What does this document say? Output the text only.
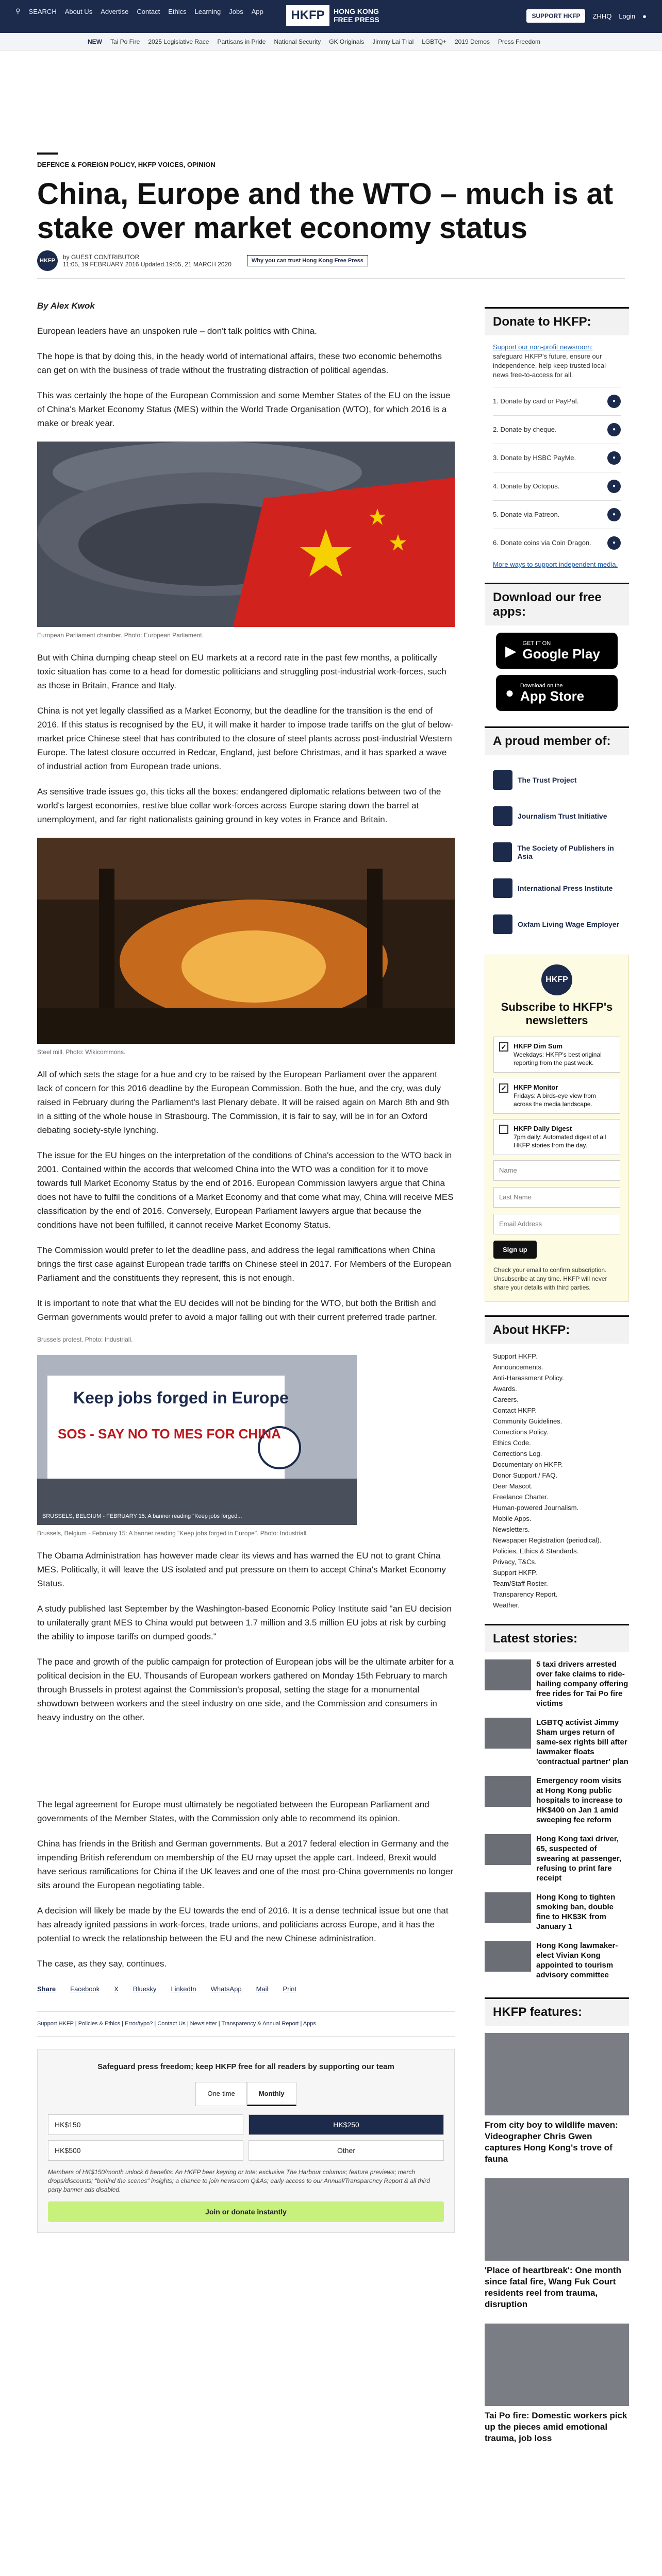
⚲ SEARCH About Us Advertise Contact Ethics Learning Jobs App	HKFP	HONG KONG FREE PRESS	SUPPORT HKFP	ZHHQ Login ●
NEW Tai Po Fire 2025 Legislative Race Partisans in Pride National Security GK Originals Jimmy Lai Trial LGBTQ+ 2019 Demos Press Freedom
DEFENCE & FOREIGN POLICY, HKFP VOICES, OPINION
China, Europe and the WTO – much is at stake over market economy status
HKFP	by GUEST CONTRIBUTOR
11:05, 19 FEBRUARY 2016 Updated 19:05, 21 MARCH 2020	Why you can trust Hong Kong Free Press
By Alex Kwok

European leaders have an unspoken rule – don't talk politics with China.

The hope is that by doing this, in the heady world of international affairs, these two economic behemoths can get on with the business of trade without the frustrating distraction of political agendas.

This was certainly the hope of the European Commission and some Member States of the EU on the issue of China's Market Economy Status (MES) within the World Trade Organisation (WTO), for which 2016 is a make or break year.

European Parliament chamber. Photo: European Parliament.

But with China dumping cheap steel on EU markets at a record rate in the past few months, a politically toxic situation has come to a head for domestic politicians and struggling post-industrial work-forces, such as those in Britain, France and Italy.

China is not yet legally classified as a Market Economy, but the deadline for the transition is the end of 2016. If this status is recognised by the EU, it will make it harder to impose trade tariffs on the glut of below-market price Chinese steel that has contributed to the closure of steel plants across post-industrial Western Europe. The latest closure occurred in Redcar, England, just before Christmas, and it has sparked a wave of industrial action from European trade unions.

As sensitive trade issues go, this ticks all the boxes: endangered diplomatic relations between two of the world's largest economies, restive blue collar work-forces across Europe staring down the barrel at unemployment, and far right nationalists gaining ground in key votes in France and Britain.

Steel mill. Photo: Wikicommons.

All of which sets the stage for a hue and cry to be raised by the European Parliament over the apparent lack of concern for this 2016 deadline by the European Commission. Both the hue, and the cry, was duly raised in February during the Parliament's last Plenary debate. It will be raised again on March 8th and 9th in a sitting of the whole house in Strasbourg. The Commission, it is fair to say, will be in for an Oxford debating society-style lynching.

The issue for the EU hinges on the interpretation of the conditions of China's accession to the WTO back in 2001. Contained within the accords that welcomed China into the WTO was a condition for it to move towards full Market Economy Status by the end of 2016. European Commission lawyers argue that China does not have to fulfil the conditions of a Market Economy and that come what may, China will receive MES classification by the end of 2016. Conversely, European Parliament lawyers argue that because the conditions have not been fulfilled, it cannot receive Market Economy Status.

The Commission would prefer to let the deadline pass, and address the legal ramifications when China brings the first case against European trade tariffs on Chinese steel in 2017. For Members of the European Parliament and the constituents they represent, this is not enough.

It is important to note that what the EU decides will not be binding for the WTO, but both the British and German governments would prefer to avoid a major falling out with their current preferred trade partner.

Brussels protest. Photo: Industriall.
Keep jobs forged in Europe
SOS - SAY NO TO MES FOR CHINA
BRUSSELS, BELGIUM - FEBRUARY 15: A banner reading "Keep jobs forged...
Brussels, Belgium - February 15: A banner reading "Keep jobs forged in Europe". Photo: Industriall.

The Obama Administration has however made clear its views and has warned the EU not to grant China MES. Politically, it will leave the US isolated and put pressure on them to accept China's Market Economy Status.

A study published last September by the Washington-based Economic Policy Institute said "an EU decision to unilaterally grant MES to China would put between 1.7 million and 3.5 million EU jobs at risk by curbing the ability to impose tariffs on dumped goods."

The pace and growth of the public campaign for protection of European jobs will be the ultimate arbiter for a political decision in the EU. Thousands of European workers gathered on Monday 15th February to march through Brussels in protest against the Commission's proposal, setting the stage for a monumental showdown between workers and the steel industry on one side, and the Commission and consumers in heavy industry on the other.

The legal agreement for Europe must ultimately be negotiated between the European Parliament and governments of the Member States, with the Commission only able to recommend its opinion.

China has friends in the British and German governments. But a 2017 federal election in Germany and the impending British referendum on membership of the EU may upset the apple cart. Indeed, Brexit would have serious ramifications for China if the UK leaves and one of the most pro-China governments no longer sits around the European negotiating table.

A decision will likely be made by the EU towards the end of 2016. It is a dense technical issue but one that has already ignited passions in work-forces, trade unions, and politicians across Europe, and it has the potential to wreck the relationship between the EU and the new Chinese administration.

The case, as they say, continues.

Share Facebook X Bluesky LinkedIn WhatsApp Mail Print
Support HKFP | Policies & Ethics | Error/typo? | Contact Us | Newsletter | Transparency & Annual Report | Apps
Safeguard press freedom; keep HKFP free for all readers by supporting our team
One-time	Monthly
HK$150	HK$250
HK$500	Other
Members of HK$150/month unlock 6 benefits: An HKFP beer keyring or tote; exclusive The Harbour columns; feature previews; merch drops/discounts; "behind the scenes" insights; a chance to join newsroom Q&As; early access to our Annual/Transparency Report & all third party banner ads disabled.
Join or donate instantly
Donate to HKFP:

Support our non-profit newsroom: safeguard HKFP's future, ensure our independence, help keep trusted local news free-to-access for all.

1. Donate by card or PayPal.	●
2. Donate by cheque.	●
3. Donate by HSBC PayMe.	●
4. Donate by Octopus.	●
5. Donate via Patreon.	●
6. Donate coins via Coin Dragon.	●

More ways to support independent media.

Download our free apps:
▶ GET IT ON
Google Play
● Download on the
App Store
A proud member of:
The Trust Project
Journalism Trust Initiative
The Society of Publishers in Asia
International Press Institute
Oxfam Living Wage Employer
HKFP
Subscribe to HKFP's newsletters
✓ HKFP Dim Sum
Weekdays: HKFP's best original reporting from the past week.
✓ HKFP Monitor
Fridays: A birds-eye view from across the media landscape.
HKFP Daily Digest
7pm daily: Automated digest of all HKFP stories from the day.
Name
Last Name
Email Address
Sign up
Check your email to confirm subscription. Unsubscribe at any time. HKFP will never share your details with third parties.
About HKFP:
Support HKFP.
Announcements.
Anti-Harassment Policy.
Awards.
Careers.
Contact HKFP.
Community Guidelines.
Corrections Policy.
Ethics Code.
Corrections Log.
Documentary on HKFP.
Donor Support / FAQ.
Deer Mascot.
Freelance Charter.
Human-powered Journalism.
Mobile Apps.
Newsletters.
Newspaper Registration (periodical).
Policies, Ethics & Standards.
Privacy, T&Cs.
Support HKFP.
Team/Staff Roster.
Transparency Report.
Weather.
Latest stories:
5 taxi drivers arrested over fake claims to ride-hailing company offering free rides for Tai Po fire victims
LGBTQ activist Jimmy Sham urges return of same-sex rights bill after lawmaker floats 'contractual partner' plan
Emergency room visits at Hong Kong public hospitals to increase to HK$400 on Jan 1 amid sweeping fee reform
Hong Kong taxi driver, 65, suspected of swearing at passenger, refusing to print fare receipt
Hong Kong to tighten smoking ban, double fine to HK$3K from January 1
Hong Kong lawmaker-elect Vivian Kong appointed to tourism advisory committee
HKFP features:
From city boy to wildlife maven: Videographer Chris Gwen captures Hong Kong's trove of fauna
'Place of heartbreak': One month since fatal fire, Wang Fuk Court residents reel from trauma, disruption
Tai Po fire: Domestic workers pick up the pieces amid emotional trauma, job loss
